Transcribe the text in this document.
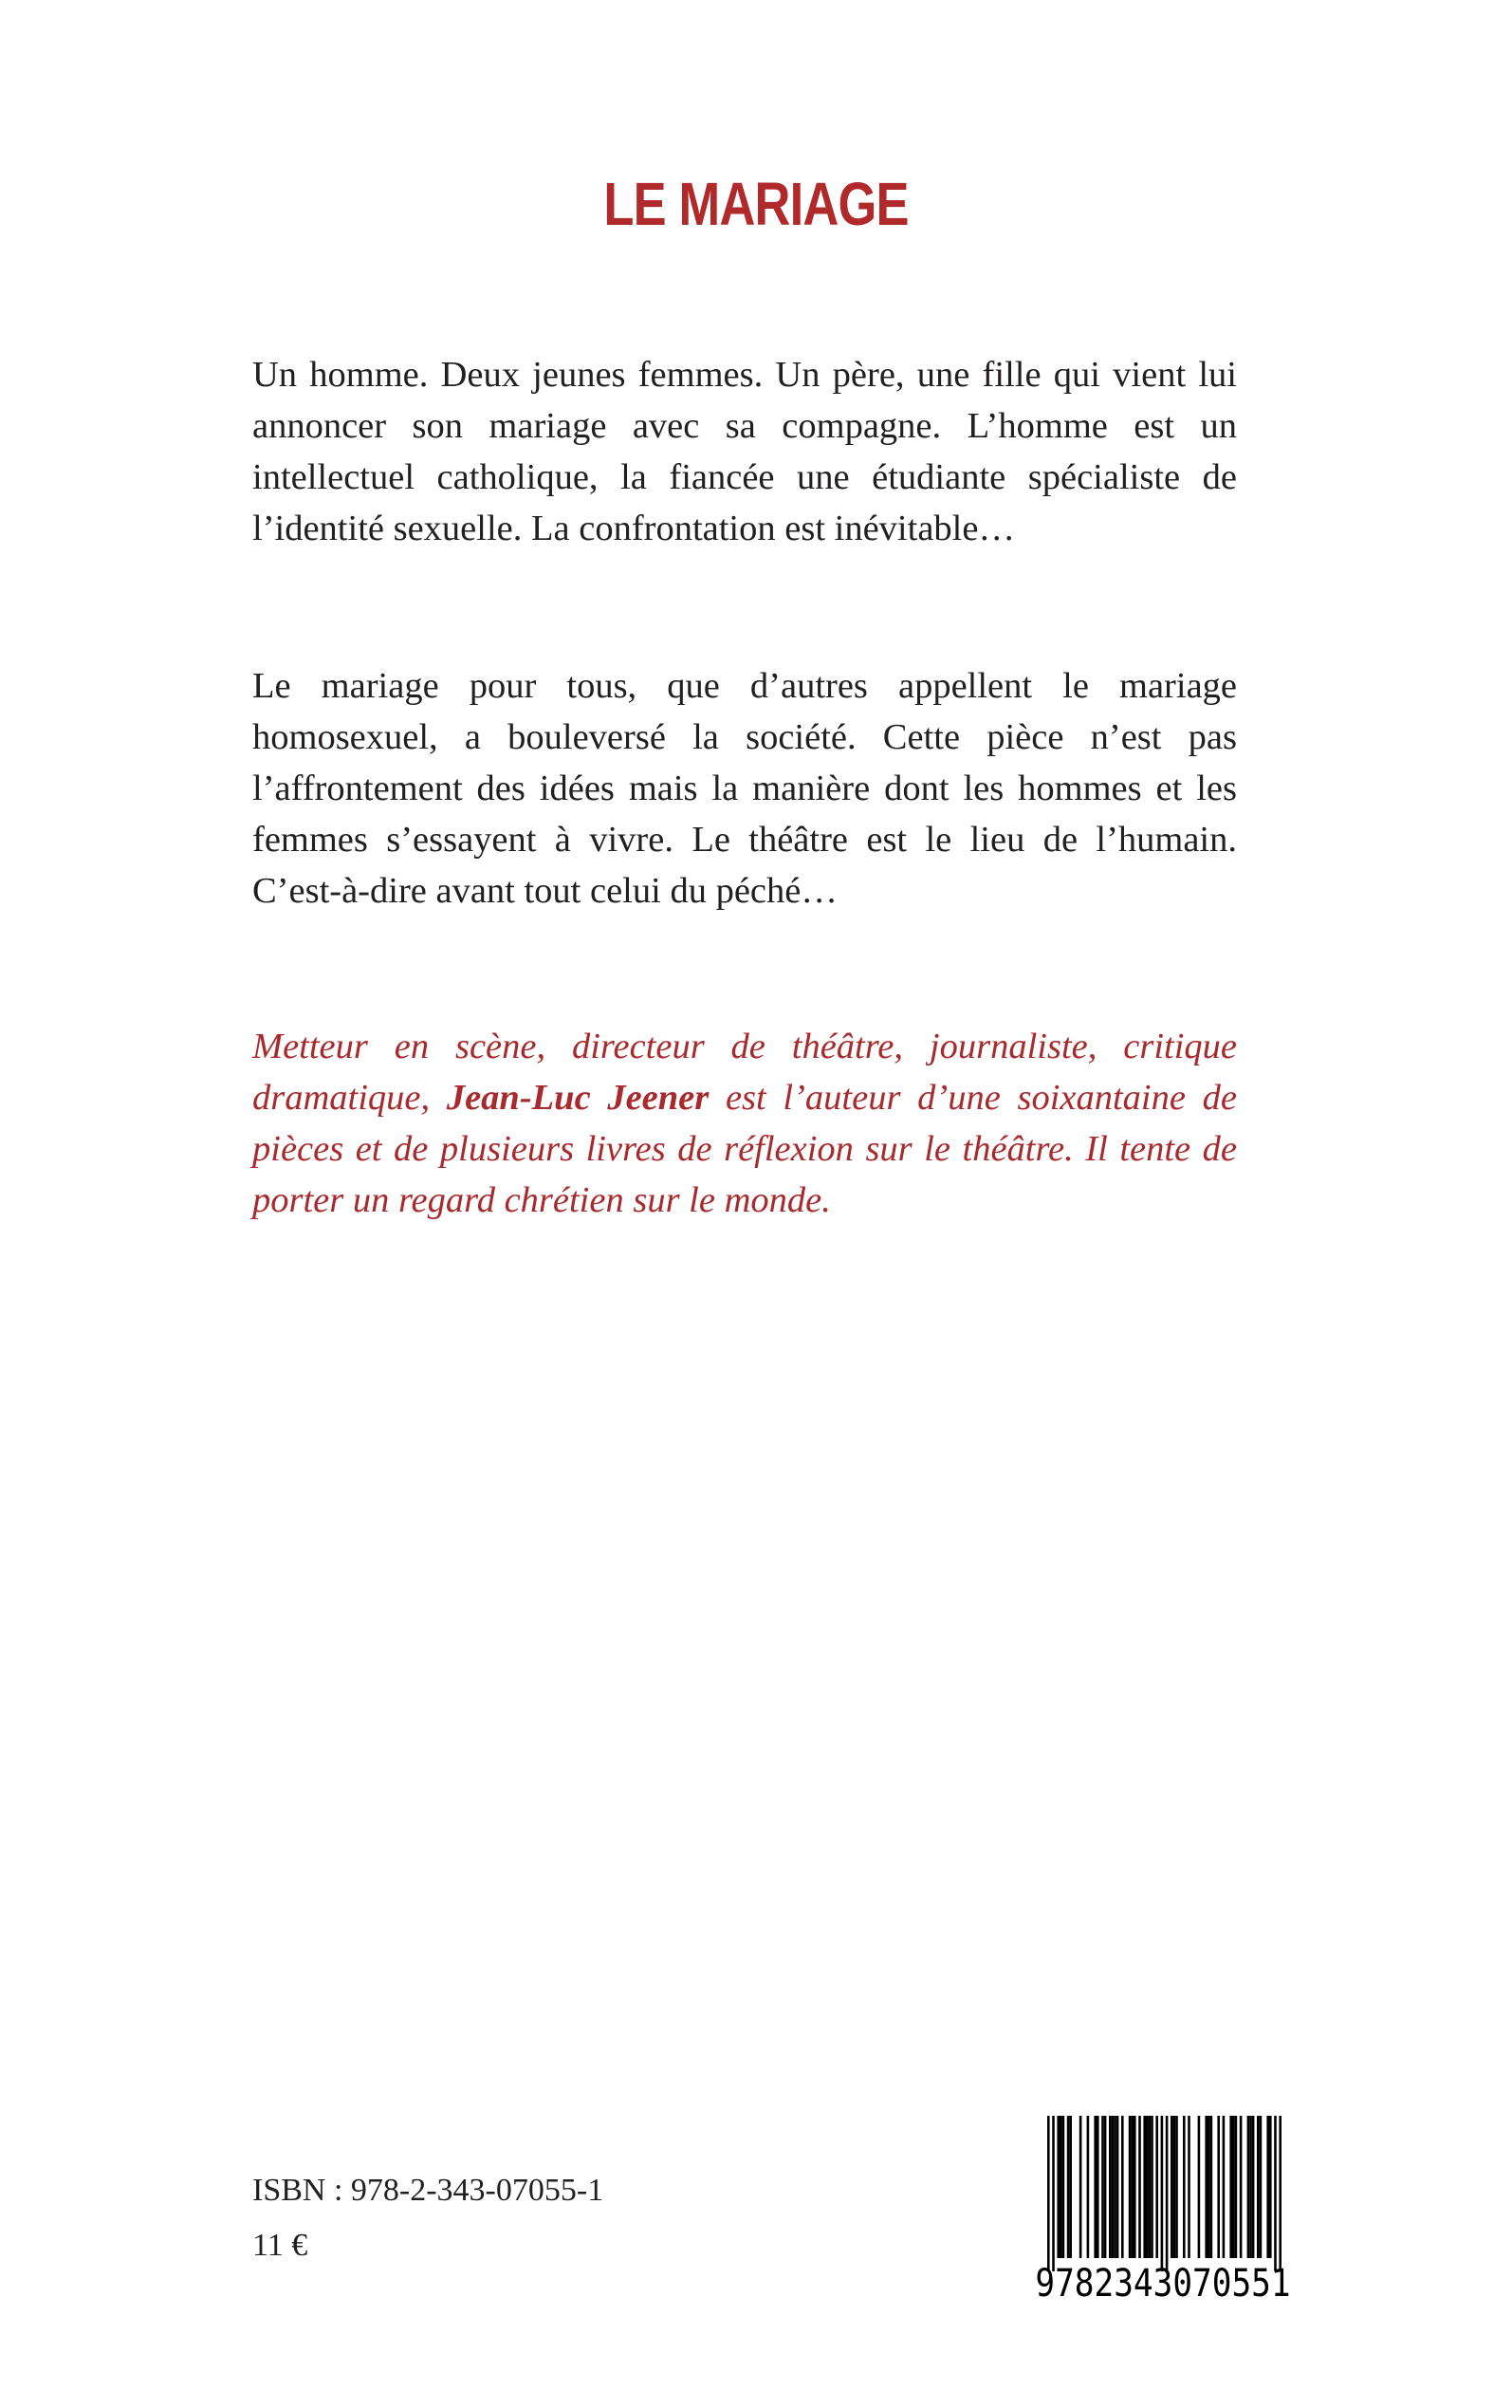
LE MARIAGE

Un homme. Deux jeunes femmes. Un père, une fille qui vient lui annoncer son mariage avec sa compagne. L’homme est un intellectuel catholique, la fiancée une étudiante spécialiste de l’identité sexuelle. La confrontation est inévitable…

Le mariage pour tous, que d’autres appellent le mariage homosexuel, a bouleversé la société. Cette pièce n’est pas l’affrontement des idées mais la manière dont les hommes et les femmes s’essayent à vivre. Le théâtre est le lieu de l’humain. C’est-à-dire avant tout celui du péché…

Metteur en scène, directeur de théâtre, journaliste, critique dramatique, Jean-Luc Jeener est l’auteur d’une soixantaine de pièces et de plusieurs livres de réflexion sur le théâtre. Il tente de porter un regard chrétien sur le monde.

ISBN : 978-2-343-07055-1
11 €
9782343070551
